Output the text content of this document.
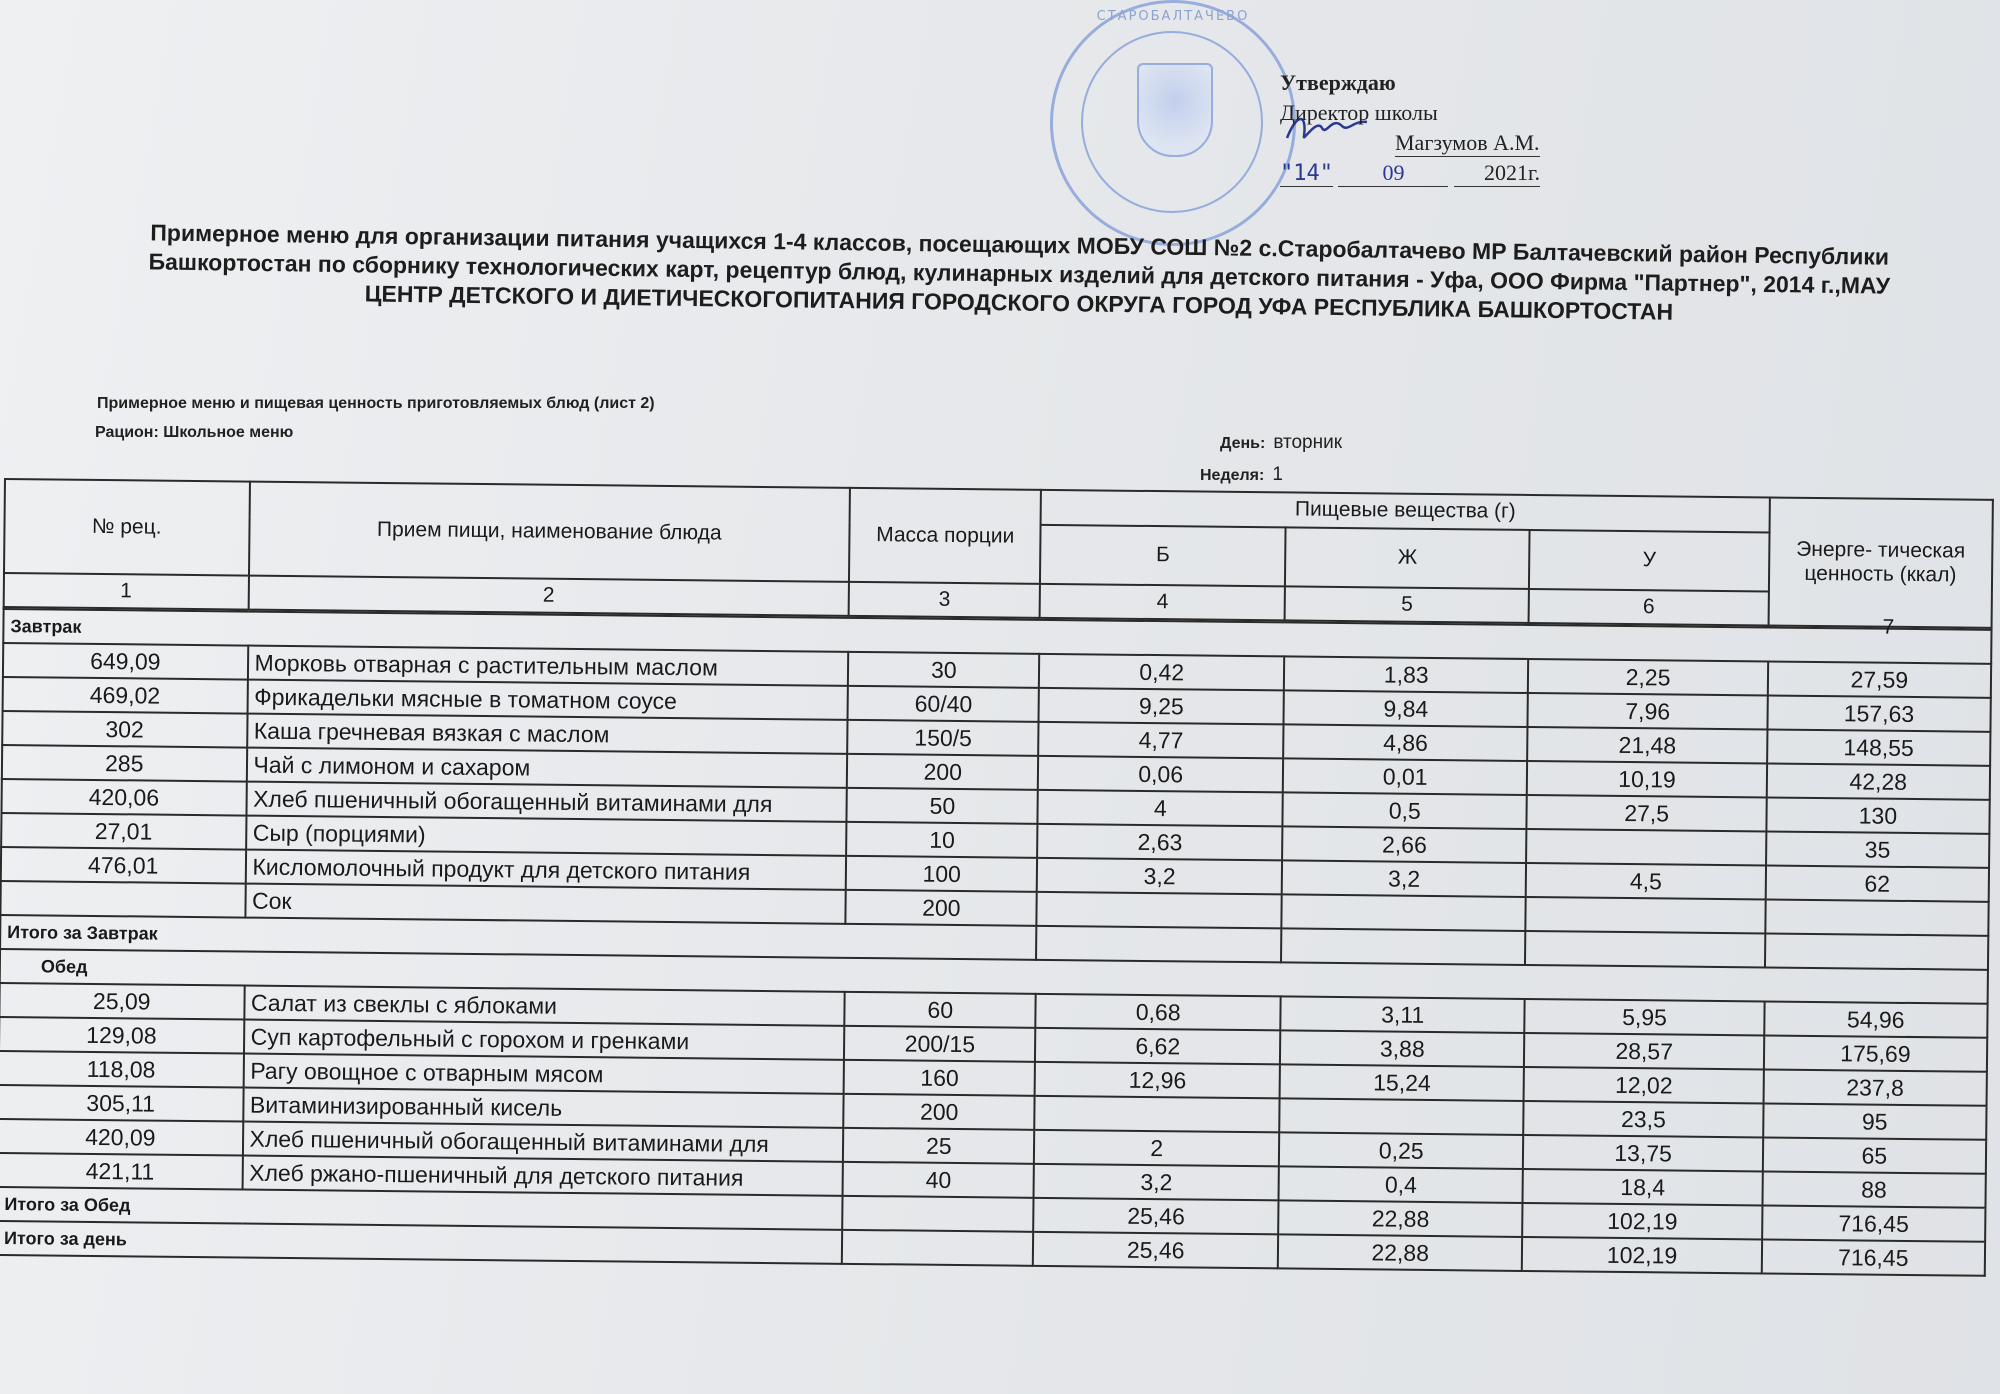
СТАРОБАЛТАЧЕВО
Утверждаю
Директор школы
Магзумов А.М.
"14" 09	2021г.
Примерное меню для организации питания учащихся 1-4 классов, посещающих МОБУ СОШ №2 с.Старобалтачево МР Балтачевский район Республики Башкортостан по сборнику технологических карт, рецептур блюд, кулинарных изделий для детского питания - Уфа, ООО Фирма "Партнер", 2014 г.,МАУ ЦЕНТР ДЕТСКОГО И ДИЕТИЧЕСКОГОПИТАНИЯ ГОРОДСКОГО ОКРУГА ГОРОД УФА РЕСПУБЛИКА БАШКОРТОСТАН
Примерное меню и пищевая ценность приготовляемых блюд (лист 2)
Рацион: Школьное меню
День: вторник
Неделя: 1
№ рец.	Прием пищи, наименование блюда	Масса порции	Пищевые вещества (г)			Энерге- тическая ценность (ккал)
			Б	Ж	У	
1	2	3	4	5	6	

7						

Завтрак						
649,09	Морковь отварная с растительным маслом	30	0,42	1,83	2,25	27,59
469,02	Фрикадельки мясные в томатном соусе	60/40	9,25	9,84	7,96	157,63
302	Каша гречневая вязкая с маслом	150/5	4,77	4,86	21,48	148,55
285	Чай с лимоном и сахаром	200	0,06	0,01	10,19	42,28
420,06	Хлеб пшеничный обогащенный витаминами для	50	4	0,5	27,5	130
27,01	Сыр (порциями)	10	2,63	2,66		35
476,01	Кисломолочный продукт для детского питания	100	3,2	3,2	4,5	62
	Сок	200				
Итого за Завтрак						
Обед						
25,09	Салат из свеклы с яблоками	60	0,68	3,11	5,95	54,96
129,08	Суп картофельный с горохом и гренками	200/15	6,62	3,88	28,57	175,69
118,08	Рагу овощное с отварным мясом	160	12,96	15,24	12,02	237,8
305,11	Витаминизированный кисель	200			23,5	95
420,09	Хлеб пшеничный обогащенный витаминами для	25	2	0,25	13,75	65
421,11	Хлеб ржано-пшеничный для детского питания	40	3,2	0,4	18,4	88
Итого за Обед			25,46	22,88	102,19	716,45
Итого за день			25,46	22,88	102,19	716,45
